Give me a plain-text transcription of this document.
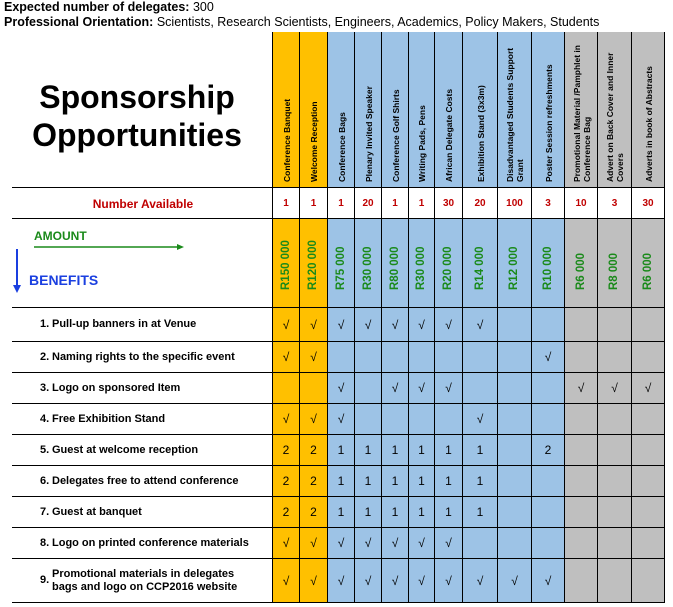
Expected number of delegates: 300
Professional Orientation: Scientists, Research Scientists, Engineers, Academics, Policy Makers, Students
1. Pull-up banners in at Venue
2. Naming rights to the specific event
3. Logo on sponsored Item
4. Free Exhibition Stand
5. Guest at welcome reception
6. Delegates free to attend conference
7. Guest at banquet
8. Logo on printed conference materials
9.
Promotional materials in delegates bags and logo on CCP2016 website
Conference Banquet
1
R150 000
√
√
√
2
2
2
√
√
Welcome Reception
1
R120 000
√
√
√
2
2
2
√
√
Conference Bags
1
R75 000
√
√
√
1
1
1
√
√
Plenary Invited Speaker
20
R30 000
√
1
1
1
√
√
Conference Golf Shirts
1
R80 000
√
√
1
1
1
√
√
Writing Pads, Pens
1
R30 000
√
√
1
1
1
√
√
African Delegate Costs
30
R20 000
√
√
1
1
1
√
√
Exhibition Stand (3x3m)
20
R14 000
√
√
1
1
1
√
Disadvantaged Students Support Grant
100
R12 000
√
Poster Session refreshments
3
R10 000
√
2
√
Promotional Material /Pamphlet in Conference Bag
10
R6 000
√
Advert on Back Cover and Inner Covers
3
R8 000
√
Adverts in book of Abstracts
30
R6 000
√
Sponsorship
Opportunities
Number Available
AMOUNT
BENEFITS
